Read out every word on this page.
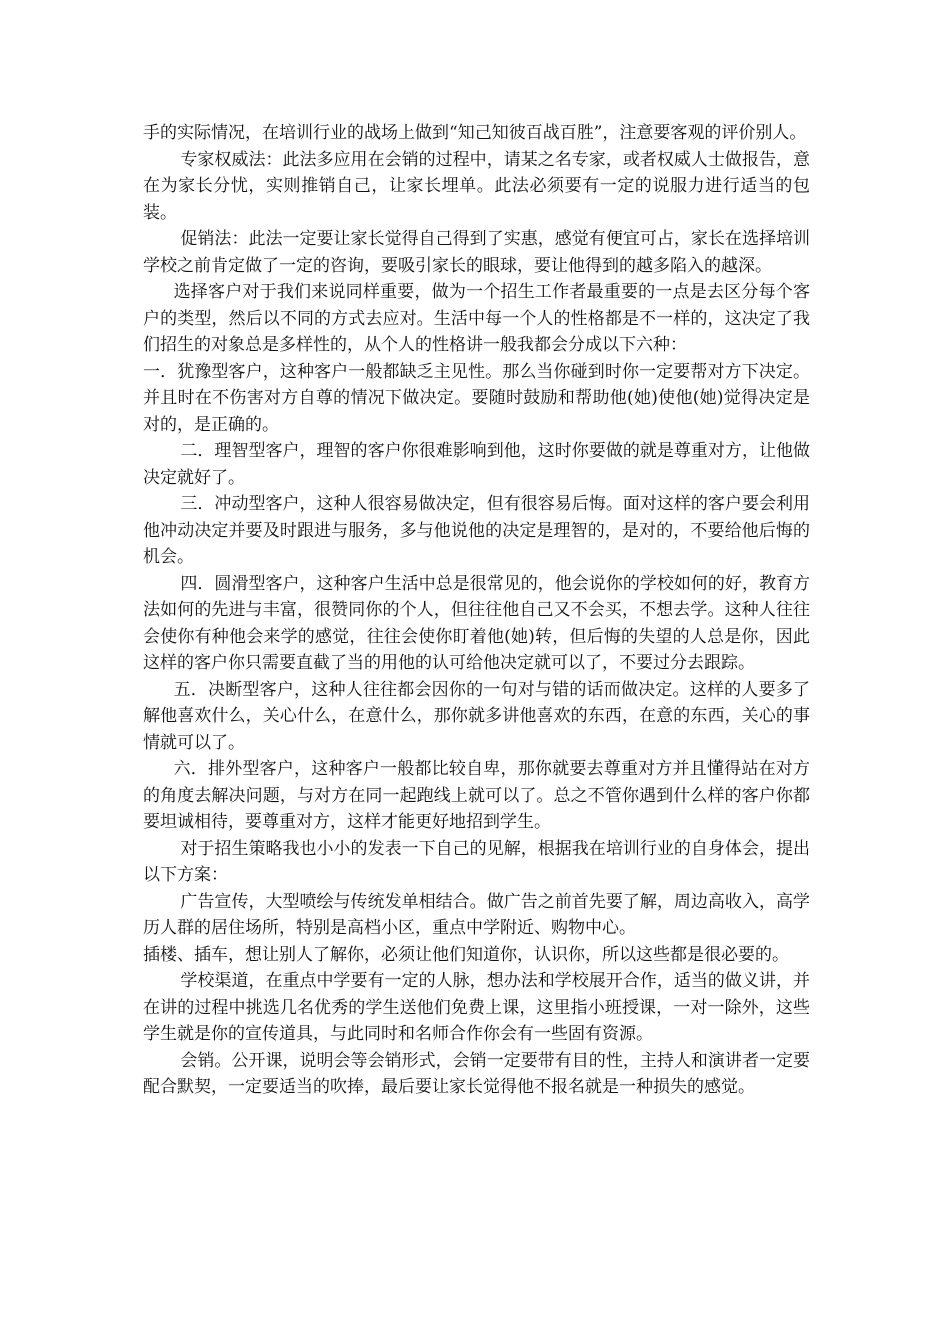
手的实际情况，在培训行业的战场上做到“知己知彼百战百胜”，注意要客观的评价别人。

专家权威法：此法多应用在会销的过程中，请某之名专家，或者权威人士做报告，意在为家长分忧，实则推销自己，让家长埋单。此法必须要有一定的说服力进行适当的包装。

促销法：此法一定要让家长觉得自己得到了实惠，感觉有便宜可占，家长在选择培训学校之前肯定做了一定的咨询，要吸引家长的眼球，要让他得到的越多陷入的越深。

选择客户对于我们来说同样重要，做为一个招生工作者最重要的一点是去区分每个客户的类型，然后以不同的方式去应对。生活中每一个人的性格都是不一样的，这决定了我们招生的对象总是多样性的，从个人的性格讲一般我都会分成以下六种：

一．犹豫型客户，这种客户一般都缺乏主见性。那么当你碰到时你一定要帮对方下决定。并且时在不伤害对方自尊的情况下做决定。要随时鼓励和帮助他(她)使他(她)觉得决定是对的，是正确的。

二．理智型客户，理智的客户你很难影响到他，这时你要做的就是尊重对方，让他做决定就好了。

三．冲动型客户，这种人很容易做决定，但有很容易后悔。面对这样的客户要会利用他冲动决定并要及时跟进与服务，多与他说他的决定是理智的，是对的，不要给他后悔的机会。

四．圆滑型客户，这种客户生活中总是很常见的，他会说你的学校如何的好，教育方法如何的先进与丰富，很赞同你的个人，但往往他自己又不会买，不想去学。这种人往往会使你有种他会来学的感觉，往往会使你盯着他(她)转，但后悔的失望的人总是你，因此这样的客户你只需要直截了当的用他的认可给他决定就可以了，不要过分去跟踪。

五．决断型客户，这种人往往都会因你的一句对与错的话而做决定。这样的人要多了解他喜欢什么，关心什么，在意什么，那你就多讲他喜欢的东西，在意的东西，关心的事情就可以了。

六．排外型客户，这种客户一般都比较自卑，那你就要去尊重对方并且懂得站在对方的角度去解决问题，与对方在同一起跑线上就可以了。总之不管你遇到什么样的客户你都要坦诚相待，要尊重对方，这样才能更好地招到学生。

对于招生策略我也小小的发表一下自己的见解，根据我在培训行业的自身体会，提出以下方案：

广告宣传，大型喷绘与传统发单相结合。做广告之前首先要了解，周边高收入，高学历人群的居住场所，特别是高档小区，重点中学附近、购物中心。

插楼、插车，想让别人了解你，必须让他们知道你，认识你，所以这些都是很必要的。

学校渠道，在重点中学要有一定的人脉，想办法和学校展开合作，适当的做义讲，并在讲的过程中挑选几名优秀的学生送他们免费上课，这里指小班授课，一对一除外，这些学生就是你的宣传道具，与此同时和名师合作你会有一些固有资源。

会销。公开课，说明会等会销形式，会销一定要带有目的性，主持人和演讲者一定要配合默契，一定要适当的吹捧，最后要让家长觉得他不报名就是一种损失的感觉。
